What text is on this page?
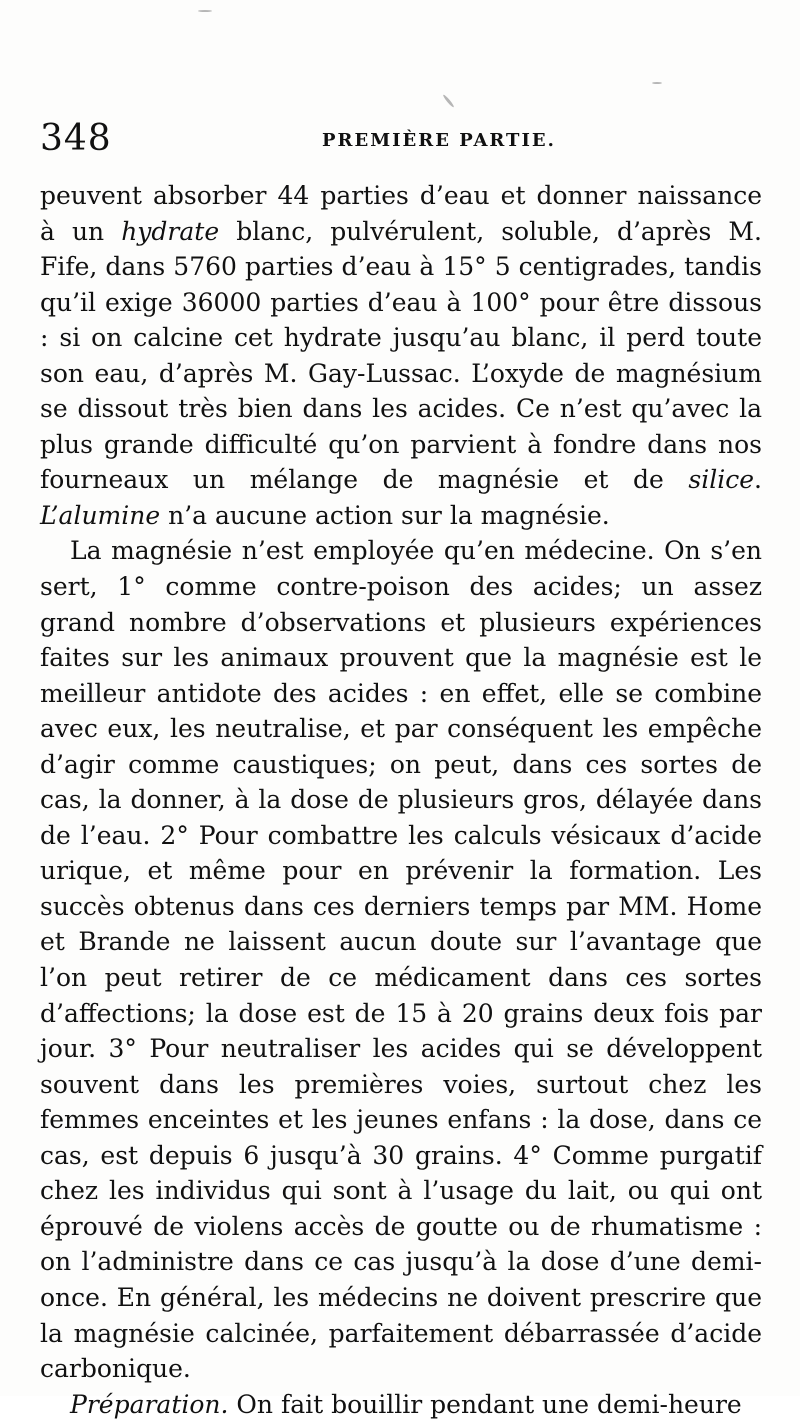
348	PREMIÈRE PARTIE.

peuvent absorber 44 parties d’eau et donner naissance à un hydrate blanc, pulvérulent, soluble, d’après M. Fife, dans 5760 parties d’eau à 15° 5 centigrades, tandis qu’il exige 36000 parties d’eau à 100° pour être dissous : si on calcine cet hydrate jusqu’au blanc, il perd toute son eau, d’après M. Gay-Lussac. L’oxyde de magnésium se dissout très bien dans les acides. Ce n’est qu’avec la plus grande difficulté qu’on parvient à fondre dans nos fourneaux un mélange de magnésie et de silice. L’alumine n’a aucune action sur la magnésie.

La magnésie n’est employée qu’en médecine. On s’en sert, 1° comme contre-poison des acides; un assez grand nombre d’observations et plusieurs expériences faites sur les animaux prouvent que la magnésie est le meilleur antidote des acides : en effet, elle se combine avec eux, les neutralise, et par conséquent les empêche d’agir comme caustiques; on peut, dans ces sortes de cas, la donner, à la dose de plusieurs gros, délayée dans de l’eau. 2° Pour combattre les calculs vésicaux d’acide urique, et même pour en prévenir la formation. Les succès obtenus dans ces derniers temps par MM. Home et Brande ne laissent aucun doute sur l’avantage que l’on peut retirer de ce médicament dans ces sortes d’affections; la dose est de 15 à 20 grains deux fois par jour. 3° Pour neutraliser les acides qui se développent souvent dans les premières voies, surtout chez les femmes enceintes et les jeunes enfans : la dose, dans ce cas, est depuis 6 jusqu’à 30 grains. 4° Comme purgatif chez les individus qui sont à l’usage du lait, ou qui ont éprouvé de violens accès de goutte ou de rhumatisme : on l’administre dans ce cas jusqu’à la dose d’une demi-once. En général, les médecins ne doivent prescrire que la magnésie calcinée, parfaitement débarrassée d’acide carbonique.

Préparation. On fait bouillir pendant une demi-heure
